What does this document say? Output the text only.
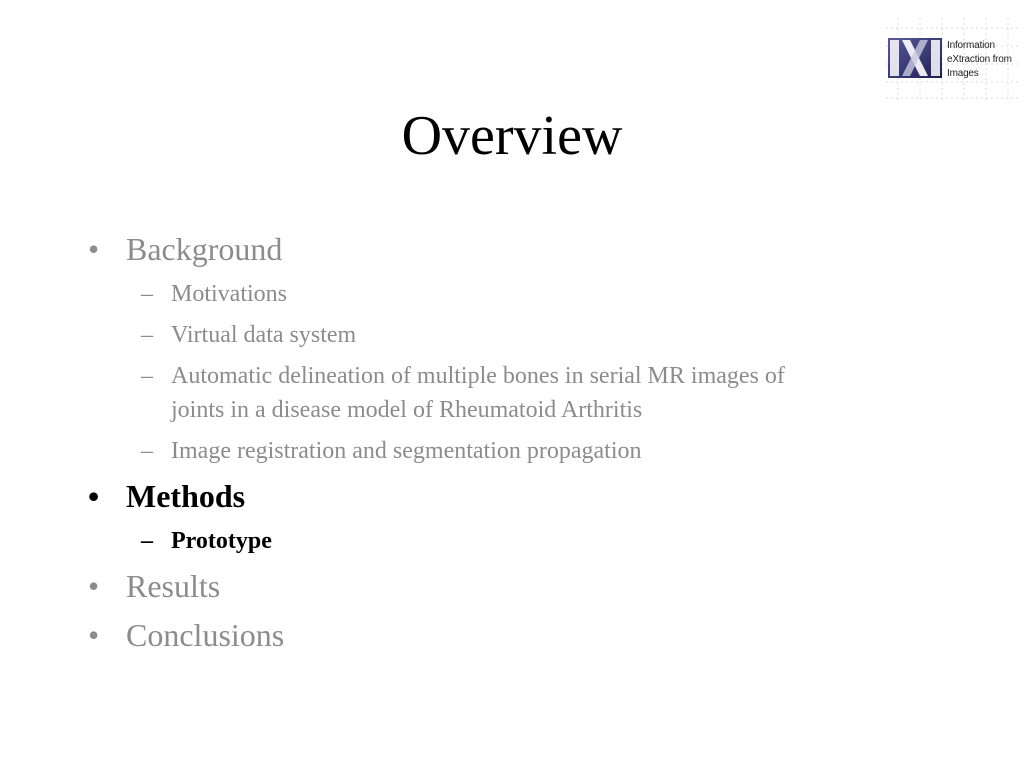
Information
eXtraction from
Images
Overview
• Background
– Motivations
– Virtual data system
– Automatic delineation of multiple bones in serial MR images of
joints in a disease model of Rheumatoid Arthritis
– Image registration and segmentation propagation
• Methods
– Prototype
• Results
• Conclusions
